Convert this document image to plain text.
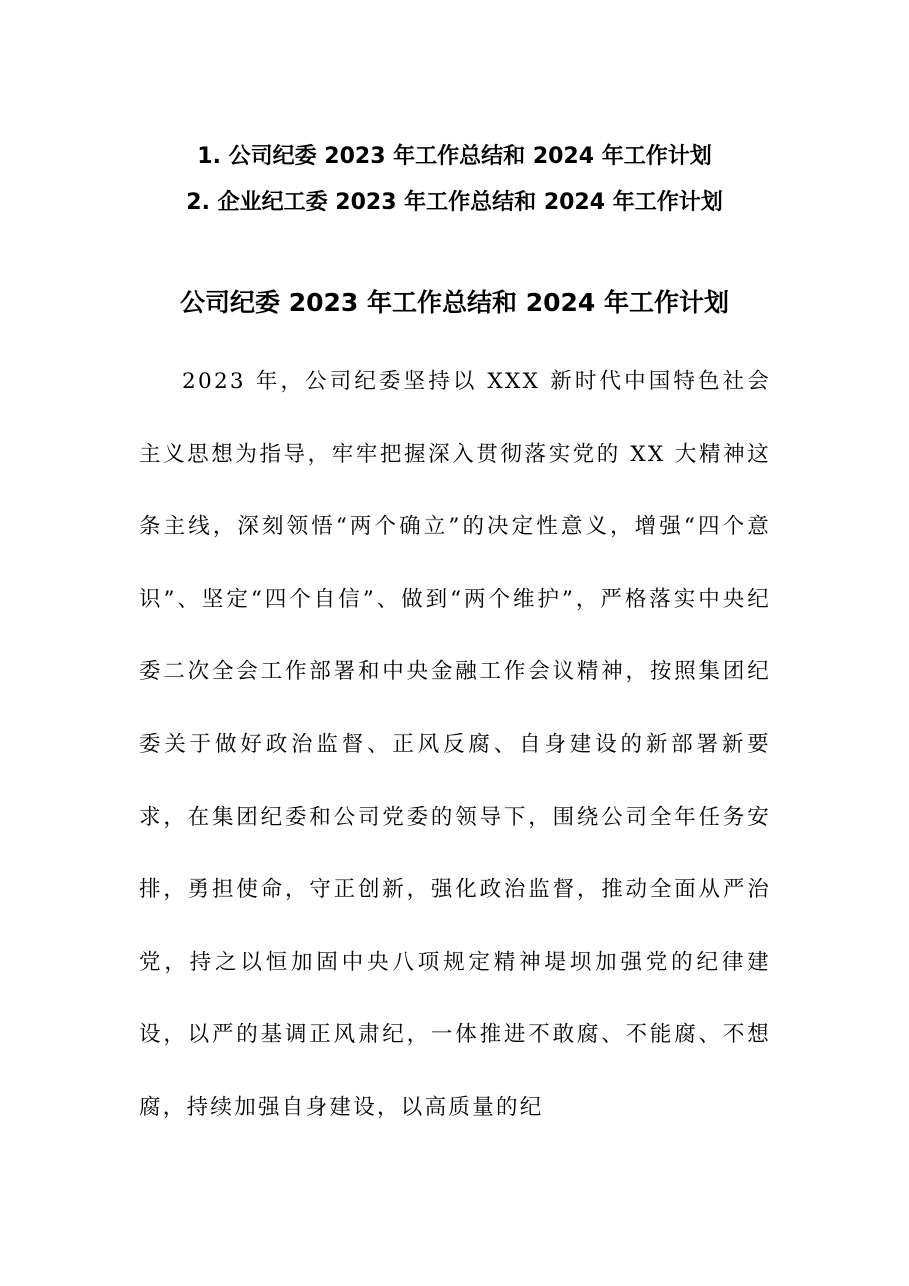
1. 公司纪委 2023 年工作总结和 2024 年工作计划
2. 企业纪工委 2023 年工作总结和 2024 年工作计划
公司纪委 2023 年工作总结和 2024 年工作计划

2023 年，公司纪委坚持以 XXX 新时代中国特色社会主义思想为指导，牢牢把握深入贯彻落实党的 XX 大精神这条主线，深刻领悟“两个确立”的决定性意义，增强“四个意识”、坚定“四个自信”、做到“两个维护”，严格落实中央纪委二次全会工作部署和中央金融工作会议精神，按照集团纪委关于做好政治监督、正风反腐、自身建设的新部署新要求，在集团纪委和公司党委的领导下，围绕公司全年任务安排，勇担使命，守正创新，强化政治监督，推动全面从严治党，持之以恒加固中央八项规定精神堤坝加强党的纪律建设，以严的基调正风肃纪，一体推进不敢腐、不能腐、不想腐，持续加强自身建设，以高质量的纪
